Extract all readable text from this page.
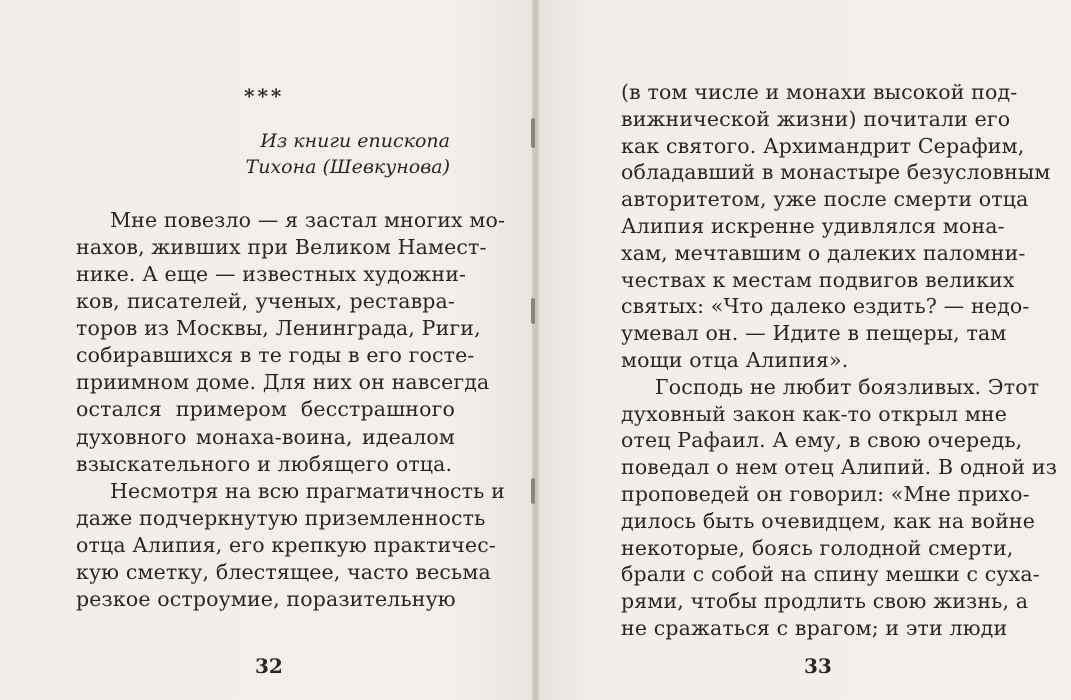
***
Из книги епископа
Тихона (Шевкунова)
Мне повезло — я застал многих мо-
нахов, живших при Великом Намест-
нике. А еще — известных художни-
ков, писателей, ученых, реставра-
торов из Москвы, Ленинграда, Риги,
собиравшихся в те годы в его госте-
приимном доме. Для них он навсегда
остался примером бесстрашного
духовного монаха-воина, идеалом
взыскательного и любящего отца.
Несмотря на всю прагматичность и
даже подчеркнутую приземленность
отца Алипия, его крепкую практичес-
кую сметку, блестящее, часто весьма
резкое остроумие, поразительную
32
(в том числе и монахи высокой под-
вижнической жизни) почитали его
как святого. Архимандрит Серафим,
обладавший в монастыре безусловным
авторитетом, уже после смерти отца
Алипия искренне удивлялся мона-
хам, мечтавшим о далеких паломни-
чествах к местам подвигов великих
святых: «Что далеко ездить? — недо-
умевал он. — Идите в пещеры, там
мощи отца Алипия».
Господь не любит боязливых. Этот
духовный закон как-то открыл мне
отец Рафаил. А ему, в свою очередь,
поведал о нем отец Алипий. В одной из
проповедей он говорил: «Мне прихо-
дилось быть очевидцем, как на войне
некоторые, боясь голодной смерти,
брали с собой на спину мешки с суха-
рями, чтобы продлить свою жизнь, а
не сражаться с врагом; и эти люди
33
